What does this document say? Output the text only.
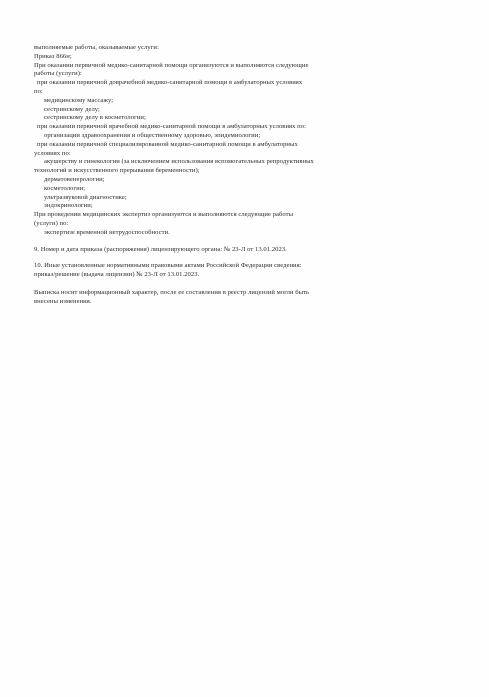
выполняемые работы, оказываемые услуги:
Приказ 866н;
При оказании первичной медико-санитарной помощи организуются и выполняются следующие
работы (услуги):
при оказании первичной доврачебной медико-санитарной помощи в амбулаторных условиях
по:
медицинскому массажу;
сестринскому делу;
сестринскому делу в косметологии;
при оказании первичной врачебной медико-санитарной помощи в амбулаторных условиях по:
организации здравоохранения и общественному здоровью, эпидемиологии;
при оказании первичной специализированной медико-санитарной помощи в амбулаторных
условиях по:
акушерству и гинекологии (за исключением использования вспомогательных репродуктивных
технологий и искусственного прерывания беременности);
дерматовенерологии;
косметологии;
ультразвуковой диагностике;
эндокринологии;
При проведении медицинских экспертиз организуются и выполняются следующие работы
(услуги) по:
экспертизе временной нетрудоспособности.
9. Номер и дата приказа (распоряжения) лицензирующего органа: № 23-Л от 13.01.2023.
10. Иные установленные нормативными правовыми актами Российской Федерации сведения:
приказ/решение (выдача лицензии) № 23-Л от 13.01.2023.
Выписка носит информационный характер, после ее составления в реестр лицензий могли быть
внесены изменения.
